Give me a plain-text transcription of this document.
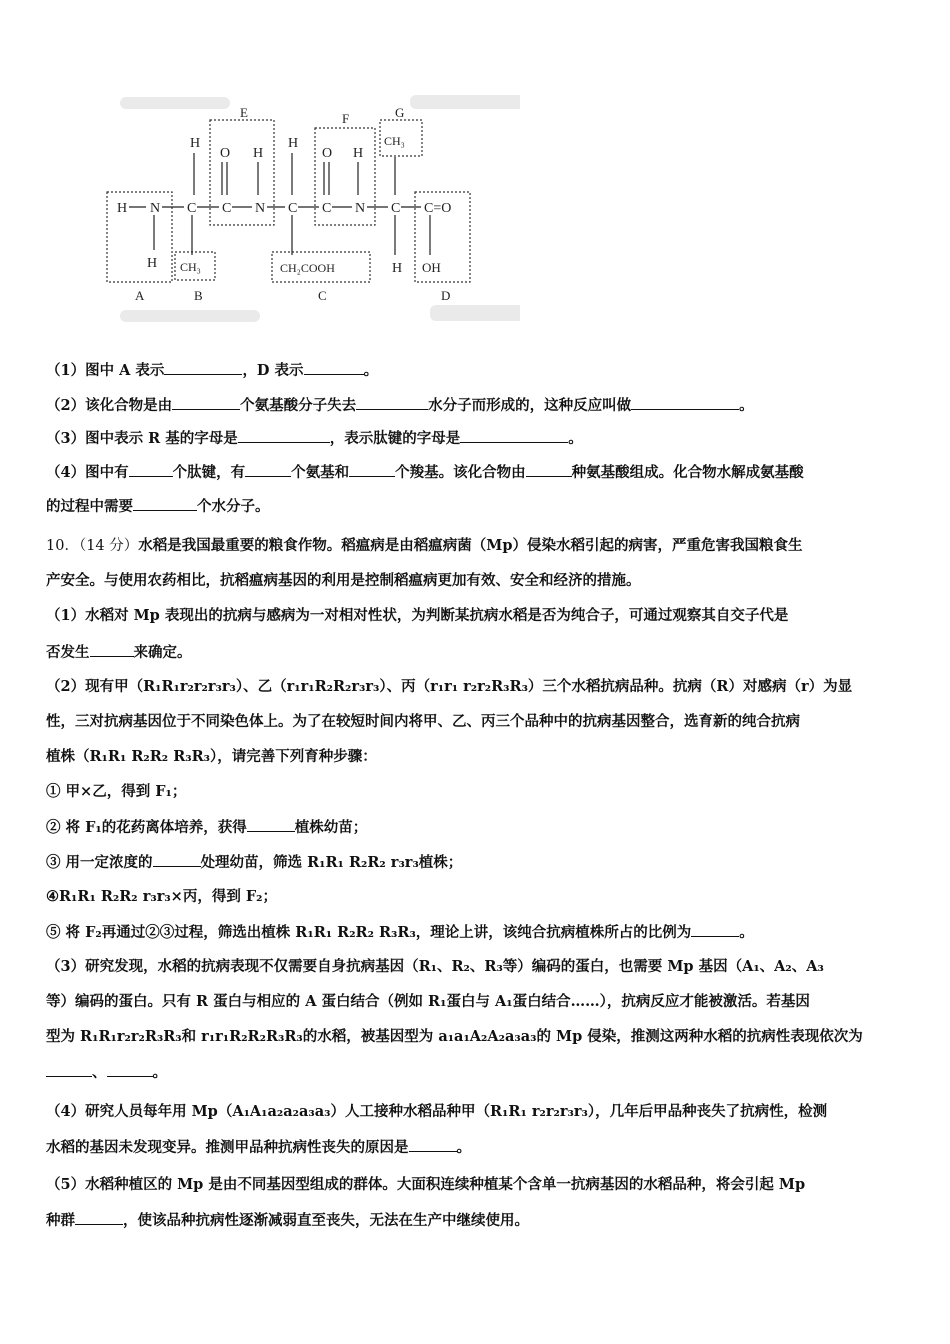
E	F	G
A	B	C	D
H N C C N C C N C C=O
H
O H
H
O H
CH₃
H CH₃	CH₂COOH	H OH
（1）图中 A 表示	，D 表示	。
（2）该化合物是由	个氨基酸分子失去	水分子而形成的，这种反应叫做	。
（3）图中表示 R 基的字母是	，表示肽键的字母是	。
（4）图中有	个肽键，有	个氨基和	个羧基。该化合物由	种氨基酸组成。化合物水解成氨基酸
的过程中需要	个水分子。
10．（14 分）水稻是我国最重要的粮食作物。稻瘟病是由稻瘟病菌（Mp）侵染水稻引起的病害，严重危害我国粮食生
产安全。与使用农药相比，抗稻瘟病基因的利用是控制稻瘟病更加有效、安全和经济的措施。
（1）水稻对 Mp 表现出的抗病与感病为一对相对性状，为判断某抗病水稻是否为纯合子，可通过观察其自交子代是
否发生	来确定。
（2）现有甲（R₁R₁r₂r₂r₃r₃）、乙（r₁r₁R₂R₂r₃r₃）、丙（r₁r₁ r₂r₂R₃R₃）三个水稻抗病品种。抗病（R）对感病（r）为显
性，三对抗病基因位于不同染色体上。为了在较短时间内将甲、乙、丙三个品种中的抗病基因整合，选育新的纯合抗病
植株（R₁R₁ R₂R₂ R₃R₃），请完善下列育种步骤：
① 甲×乙，得到 F₁；
② 将 F₁的花药离体培养，获得	植株幼苗；
③ 用一定浓度的	处理幼苗，筛选 R₁R₁ R₂R₂ r₃r₃植株；
④R₁R₁ R₂R₂ r₃r₃×丙，得到 F₂；
⑤ 将 F₂再通过②③过程，筛选出植株 R₁R₁ R₂R₂ R₃R₃，理论上讲，该纯合抗病植株所占的比例为	。
（3）研究发现，水稻的抗病表现不仅需要自身抗病基因（R₁、R₂、R₃等）编码的蛋白，也需要 Mp 基因（A₁、A₂、A₃
等）编码的蛋白。只有 R 蛋白与相应的 A 蛋白结合（例如 R₁蛋白与 A₁蛋白结合……），抗病反应才能被激活。若基因
型为 R₁R₁r₂r₂R₃R₃和 r₁r₁R₂R₂R₃R₃的水稻，被基因型为 a₁a₁A₂A₂a₃a₃的 Mp 侵染，推测这两种水稻的抗病性表现依次为
、	。
（4）研究人员每年用 Mp（A₁A₁a₂a₂a₃a₃）人工接种水稻品种甲（R₁R₁ r₂r₂r₃r₃），几年后甲品种丧失了抗病性，检测
水稻的基因未发现变异。推测甲品种抗病性丧失的原因是	。
（5）水稻种植区的 Mp 是由不同基因型组成的群体。大面积连续种植某个含单一抗病基因的水稻品种，将会引起 Mp
种群	，使该品种抗病性逐渐减弱直至丧失，无法在生产中继续使用。
